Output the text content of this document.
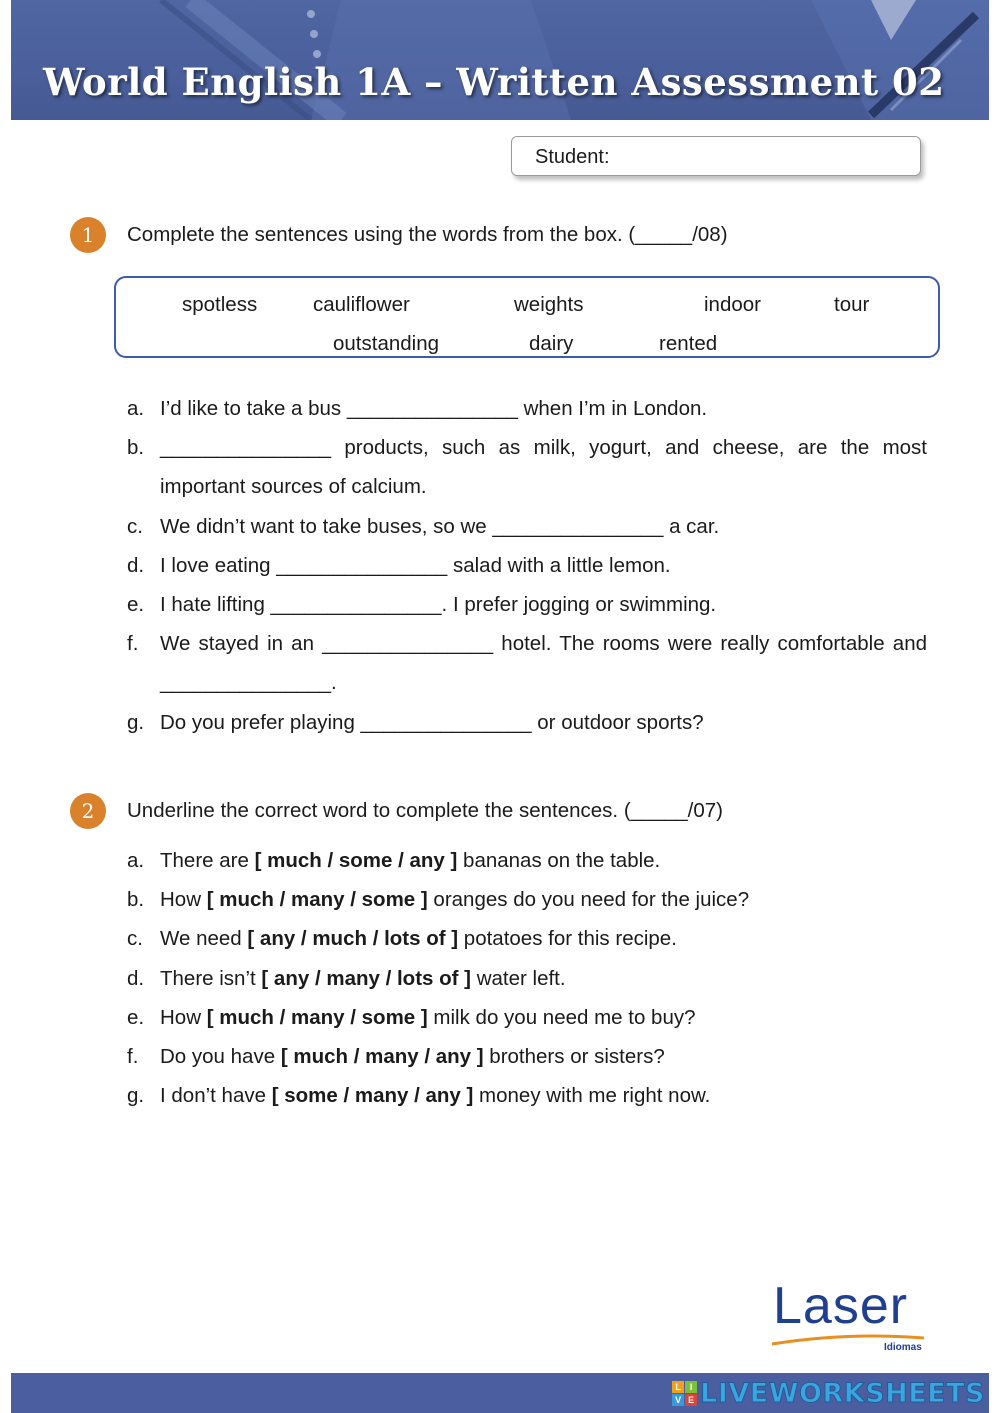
World English 1A – Written Assessment 02
Student:
1	Complete the sentences using the words from the box. (_____/08)
spotless	cauliflower	weights	indoor	tour
outstanding	dairy	rented
a. I’d like to take a bus _______________ when I’m in London.
b. _______________ products, such as milk, yogurt, and cheese, are the most important sources of calcium.
c. We didn’t want to take buses, so we _______________ a car.
d. I love eating _______________ salad with a little lemon.
e. I hate lifting _______________. I prefer jogging or swimming.
f.	We stayed in an _______________ hotel. The rooms were really comfortable and _______________.
g. Do you prefer playing _______________ or outdoor sports?
2	Underline the correct word to complete the sentences. (_____/07)
a. There are [ much / some / any ] bananas on the table.
b. How [ much / many / some ] oranges do you need for the juice?
c. We need [ any / much / lots of ] potatoes for this recipe.
d. There isn’t [ any / many / lots of ] water left.
e. How [ much / many / some ] milk do you need me to buy?
f.	Do you have [ much / many / any ] brothers or sisters?
g. I don’t have [ some / many / any ] money with me right now.
Laser
Idiomas
L I
V E LIVEWORKSHEETS
